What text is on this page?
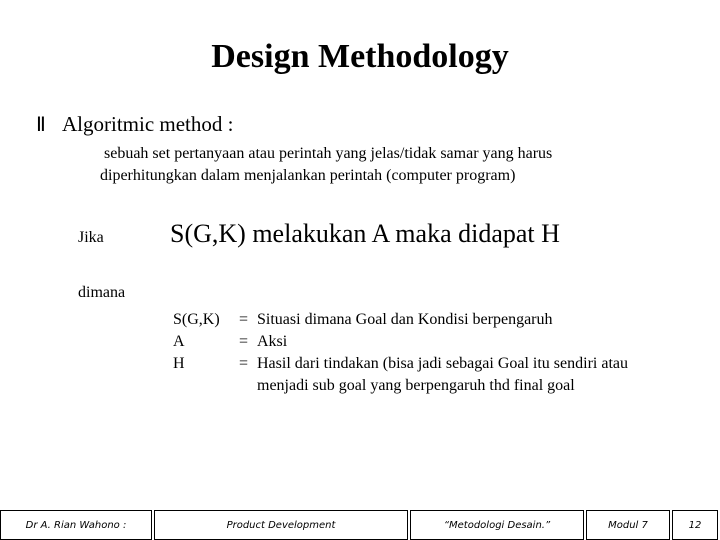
Design Methodology
Ⅱ Algoritmic method :
sebuah set pertanyaan atau perintah yang jelas/tidak samar yang harus
diperhitungkan dalam menjalankan perintah (computer program)
Jika	S(G,K) melakukan A maka didapat H
dimana
S(G,K) = Situasi dimana Goal dan Kondisi berpengaruh
A	= Aksi
H	= Hasil dari tindakan (bisa jadi sebagai Goal itu sendiri atau
menjadi sub goal yang berpengaruh thd final goal
Dr A. Rian Wahono :	Product Development	“Metodologi Desain.”	Modul 7	12
